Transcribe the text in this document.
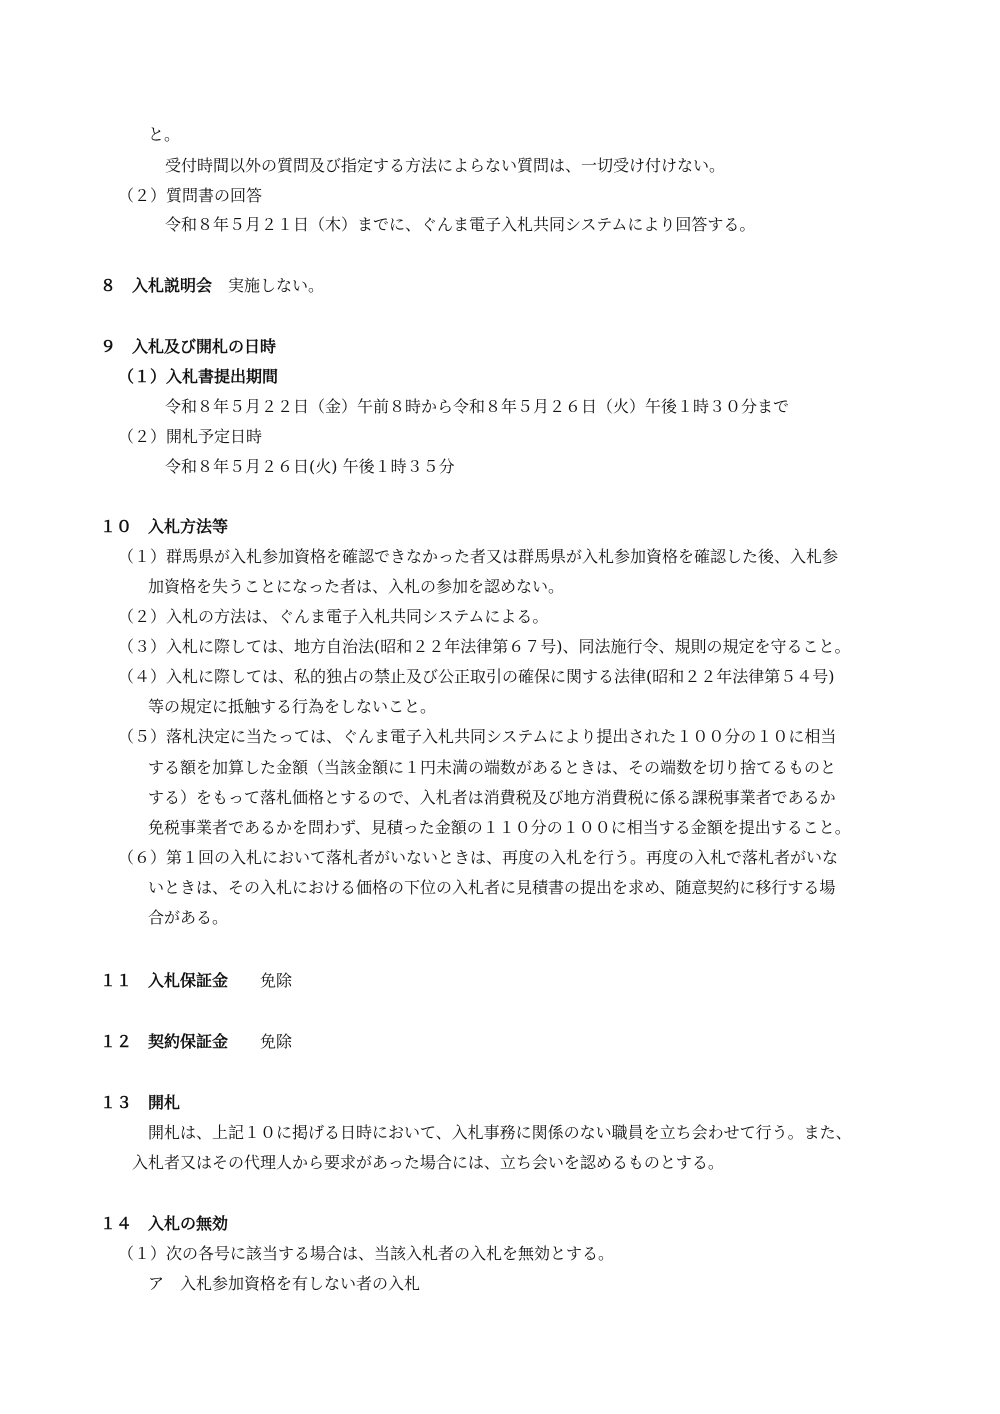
と。
受付時間以外の質問及び指定する方法によらない質問は、一切受け付けない。
（２）質問書の回答
令和８年５月２１日（木）までに、ぐんま電子入札共同システムにより回答する。
８ 入札説明会 実施しない。
９ 入札及び開札の日時
（１）入札書提出期間
令和８年５月２２日（金）午前８時から令和８年５月２６日（火）午後１時３０分まで
（２）開札予定日時
令和８年５月２６日(火) 午後１時３５分
１０ 入札方法等
（１）群馬県が入札参加資格を確認できなかった者又は群馬県が入札参加資格を確認した後、入札参
加資格を失うことになった者は、入札の参加を認めない。
（２）入札の方法は、ぐんま電子入札共同システムによる。
（３）入札に際しては、地方自治法(昭和２２年法律第６７号)、同法施行令、規則の規定を守ること。
（４）入札に際しては、私的独占の禁止及び公正取引の確保に関する法律(昭和２２年法律第５４号)
等の規定に抵触する行為をしないこと。
（５）落札決定に当たっては、ぐんま電子入札共同システムにより提出された１００分の１０に相当
する額を加算した金額（当該金額に１円未満の端数があるときは、その端数を切り捨てるものと
する）をもって落札価格とするので、入札者は消費税及び地方消費税に係る課税事業者であるか
免税事業者であるかを問わず、見積った金額の１１０分の１００に相当する金額を提出すること。
（６）第１回の入札において落札者がいないときは、再度の入札を行う。再度の入札で落札者がいな
いときは、その入札における価格の下位の入札者に見積書の提出を求め、随意契約に移行する場
合がある。
１１ 入札保証金 免除
１２ 契約保証金 免除
１３ 開札
開札は、上記１０に掲げる日時において、入札事務に関係のない職員を立ち会わせて行う。また、
入札者又はその代理人から要求があった場合には、立ち会いを認めるものとする。
１４ 入札の無効
（１）次の各号に該当する場合は、当該入札者の入札を無効とする。
ア　入札参加資格を有しない者の入札
